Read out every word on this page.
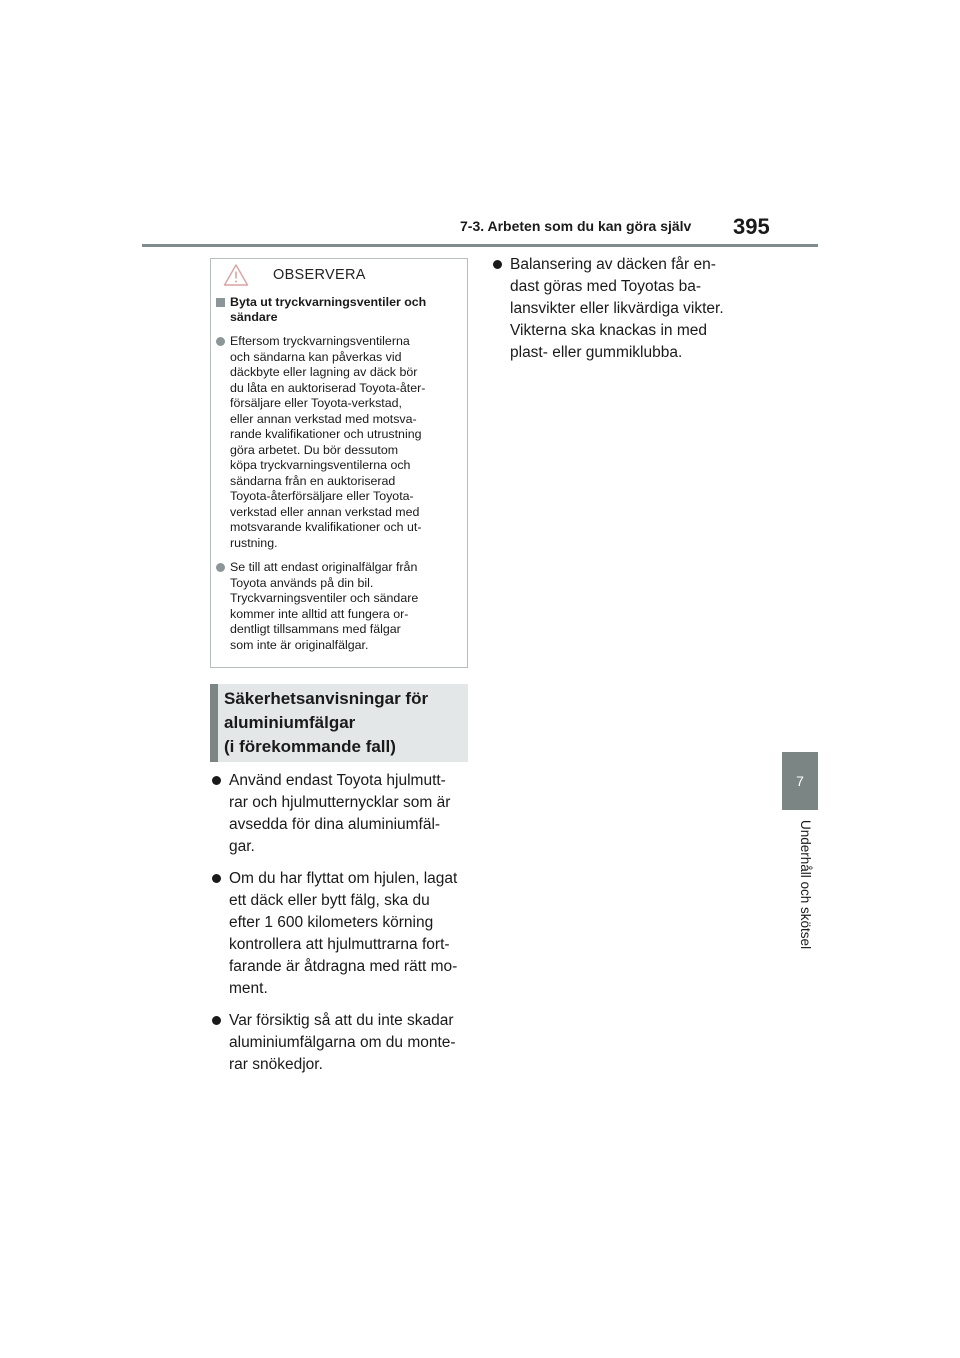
7-3. Arbeten som du kan göra själv 395
7
Underhåll och skötsel
OBSERVERA
Byta ut tryckvarningsventiler och
sändare
Eftersom tryckvarningsventilerna
och sändarna kan påverkas vid
däckbyte eller lagning av däck bör
du låta en auktoriserad Toyota-åter-
försäljare eller Toyota-verkstad,
eller annan verkstad med motsva-
rande kvalifikationer och utrustning
göra arbetet. Du bör dessutom
köpa tryckvarningsventilerna och
sändarna från en auktoriserad
Toyota-återförsäljare eller Toyota-
verkstad eller annan verkstad med
motsvarande kvalifikationer och ut-
rustning.
Se till att endast originalfälgar från
Toyota används på din bil.
Tryckvarningsventiler och sändare
kommer inte alltid att fungera or-
dentligt tillsammans med fälgar
som inte är originalfälgar.
Säkerhetsanvisningar för
aluminiumfälgar
(i förekommande fall)
Använd endast Toyota hjulmutt-
rar och hjulmutternycklar som är
avsedda för dina aluminiumfäl-
gar.
Om du har flyttat om hjulen, lagat
ett däck eller bytt fälg, ska du
efter 1 600 kilometers körning
kontrollera att hjulmuttrarna fort-
farande är åtdragna med rätt mo-
ment.
Var försiktig så att du inte skadar
aluminiumfälgarna om du monte-
rar snökedjor.
Balansering av däcken får en-
dast göras med Toyotas ba-
lansvikter eller likvärdiga vikter.
Vikterna ska knackas in med
plast- eller gummiklubba.
